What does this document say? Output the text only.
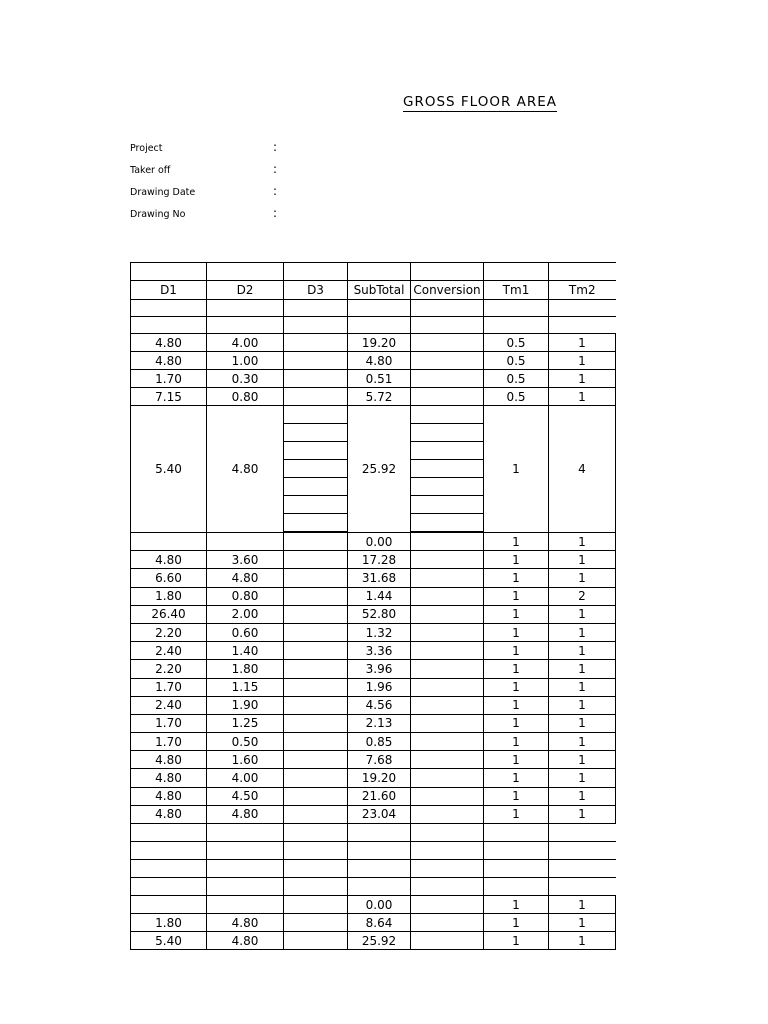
GROSS FLOOR AREA
Project	:
Taker off	:
Drawing Date	:
Drawing No	:

D1	D2	D3	SubTotal	Conversion	Tm1	Tm2

4.80	4.00		19.20		0.5	1
4.80	1.00		4.80		0.5	1
1.70	0.30		0.51		0.5	1
7.15	0.80		5.72		0.5	1
5.40	4.80		25.92		1	4
			0.00		1	1
4.80	3.60		17.28		1	1
6.60	4.80		31.68		1	1
1.80	0.80		1.44		1	2
26.40	2.00		52.80		1	1
2.20	0.60		1.32		1	1
2.40	1.40		3.36		1	1
2.20	1.80		3.96		1	1
1.70	1.15		1.96		1	1
2.40	1.90		4.56		1	1
1.70	1.25		2.13		1	1
1.70	0.50		0.85		1	1
4.80	1.60		7.68		1	1
4.80	4.00		19.20		1	1
4.80	4.50		21.60		1	1
4.80	4.80		23.04		1	1

			0.00		1	1
1.80	4.80		8.64		1	1
5.40	4.80		25.92		1	1
